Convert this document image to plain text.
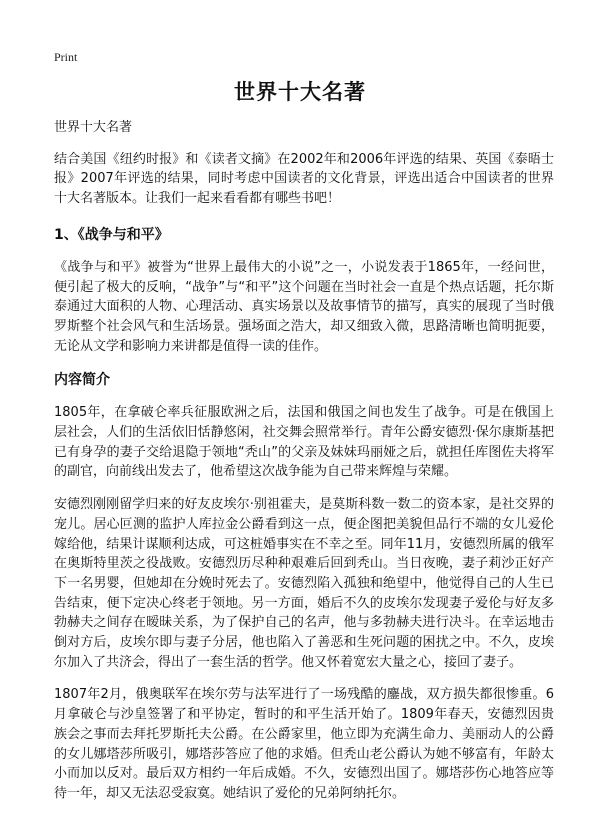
Print
世界十大名著

世界十大名著

结合美国《纽约时报》和《读者文摘》在2002年和2006年评选的结果、英国《泰晤士报》2007年评选的结果，同时考虑中国读者的文化背景，评选出适合中国读者的世界十大名著版本。让我们一起来看看都有哪些书吧！

1、《战争与和平》

《战争与和平》被誉为“世界上最伟大的小说”之一，小说发表于1865年，一经问世，便引起了极大的反响，“战争”与“和平”这个问题在当时社会一直是个热点话题，托尔斯泰通过大面积的人物、心理活动、真实场景以及故事情节的描写，真实的展现了当时俄罗斯整个社会风气和生活场景。强场面之浩大，却又细致入微，思路清晰也简明扼要，无论从文学和影响力来讲都是值得一读的佳作。

内容简介

1805年，在拿破仑率兵征服欧洲之后，法国和俄国之间也发生了战争。可是在俄国上层社会，人们的生活依旧恬静悠闲，社交舞会照常举行。青年公爵安德烈·保尔康斯基把已有身孕的妻子交给退隐于领地“秃山”的父亲及妹妹玛丽娅之后，就担任库图佐夫将军的副官，向前线出发去了，他希望这次战争能为自己带来辉煌与荣耀。

安德烈刚刚留学归来的好友皮埃尔·别祖霍夫，是莫斯科数一数二的资本家，是社交界的宠儿。居心叵测的监护人库拉金公爵看到这一点，便企图把美貌但品行不端的女儿爱伦嫁给他，结果计谋顺利达成，可这桩婚事实在不幸之至。同年11月，安德烈所属的俄军在奥斯特里茨之役战败。安德烈历尽种种艰难后回到秃山。当日夜晚，妻子莉沙正好产下一名男婴，但她却在分娩时死去了。安德烈陷入孤独和绝望中，他觉得自己的人生已告结束，便下定决心终老于领地。另一方面，婚后不久的皮埃尔发现妻子爱伦与好友多勃赫夫之间存在暧昧关系，为了保护自己的名声，他与多勃赫夫进行决斗。在幸运地击倒对方后，皮埃尔即与妻子分居，他也陷入了善恶和生死问题的困扰之中。不久，皮埃尔加入了共济会，得出了一套生活的哲学。他又怀着宽宏大量之心，接回了妻子。

1807年2月，俄奥联军在埃尔劳与法军进行了一场残酷的鏖战，双方损失都很惨重。6月拿破仑与沙皇签署了和平协定，暂时的和平生活开始了。1809年春天，安德烈因贵族会之事而去拜托罗斯托夫公爵。在公爵家里，他立即为充满生命力、美丽动人的公爵的女儿娜塔莎所吸引，娜塔莎答应了他的求婚。但秃山老公爵认为她不够富有，年龄太小而加以反对。最后双方相约一年后成婚。不久，安德烈出国了。娜塔莎伤心地答应等待一年，却又无法忍受寂寞。她结识了爱伦的兄弟阿纳托尔。
